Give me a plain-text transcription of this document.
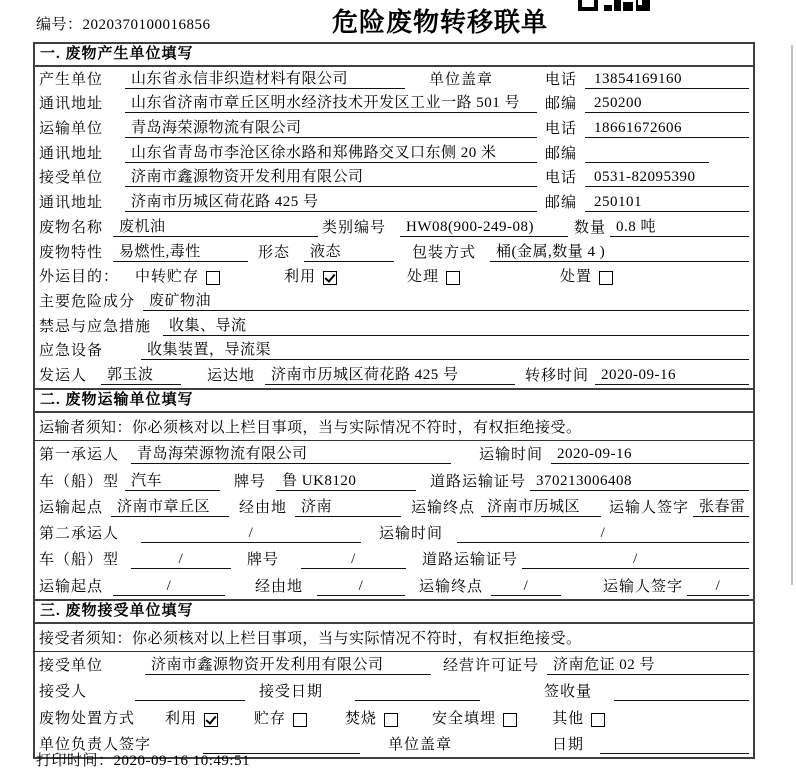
编号：2020370100016856	危险废物转移联单
一. 废物产生单位填写
产生单位	山东省永信非织造材料有限公司	单位盖章	电话	13854169160
通讯地址	山东省济南市章丘区明水经济技术开发区工业一路 501 号	邮编	250200
运输单位	青岛海荣源物流有限公司	电话	18661672606
通讯地址	山东省青岛市李沧区徐水路和郑佛路交叉口东侧 20 米	邮编
接受单位	济南市鑫源物资开发利用有限公司	电话	0531-82095390
通讯地址	济南市历城区荷花路 425 号	邮编	250101
废物名称	废机油	类别编号	HW08(900-249-08)	数量 0.8 吨
废物特性	易燃性,毒性	形态	液态	包装方式	桶(金属,数量 4 )
外运目的：	中转贮存	利用	处理	处置
主要危险成分 废矿物油
禁忌与应急措施	收集、导流
应急设备	收集装置，导流渠
发运人	郭玉波	运达地	济南市历城区荷花路 425 号	转移时间 2020-09-16
二. 废物运输单位填写
运输者须知：你必须核对以上栏目事项，当与实际情况不符时，有权拒绝接受。
第一承运人	青岛海荣源物流有限公司	运输时间 2020-09-16
车（船）型 汽车	牌号	鲁 UK8120	道路运输证号 370213006408
运输起点 济南市章丘区	经由地 济南	运输终点 济南市历城区	运输人签字 张春雷
第二承运人	/	运输时间	/
车（船）型	/	牌号	/	道路运输证号	/
运输起点	/	经由地	/	运输终点	/	运输人签字	/
三. 废物接受单位填写
接受者须知：你必须核对以上栏目事项，当与实际情况不符时，有权拒绝接受。
接受单位	济南市鑫源物资开发利用有限公司	经营许可证号 济南危证 02 号
接受人	接受日期	签收量
废物处置方式	利用	贮存	焚烧	安全填埋	其他
单位负责人签字	单位盖章	日期
打印时间：2020-09-16 10:49:51
